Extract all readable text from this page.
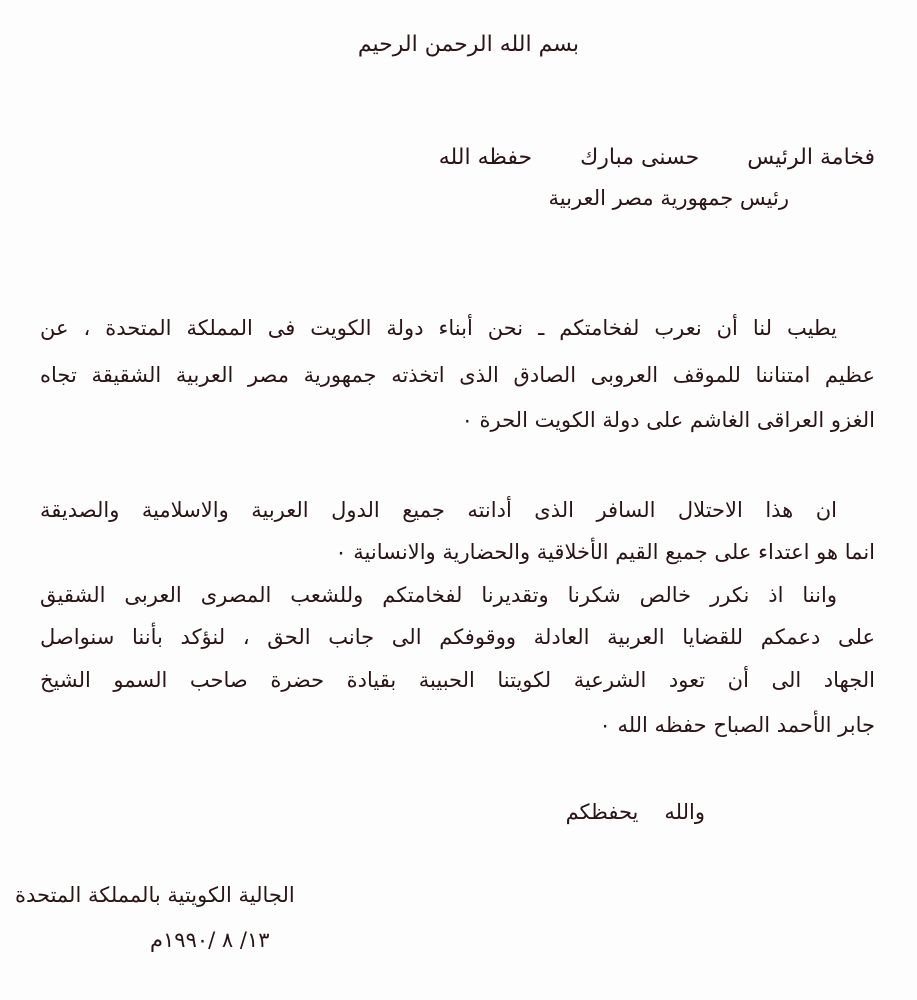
بسم الله الرحمن الرحيم
فخامة الرئيسحسنى مباركحفظه الله
رئيس جمهورية مصر العربية
يطيب لنا أن نعرب لفخامتكم ـ نحن أبناء دولة الكويت فى المملكة المتحدة ، عن
عظيم امتناننا للموقف العروبى الصادق الذى اتخذته جمهورية مصر العربية الشقيقة تجاه
الغزو العراقى الغاشم على دولة الكويت الحرة ٠
ان هذا الاحتلال السافر الذى أدانته جميع الدول العربية والاسلامية والصديقة
انما هو اعتداء على جميع القيم الأخلاقية والحضارية والانسانية ٠
واننا اذ نكرر خالص شكرنا وتقديرنا لفخامتكم وللشعب المصرى العربى الشقيق
على دعمكم للقضايا العربية العادلة ووقوفكم الى جانب الحق ، لنؤكد بأننا سنواصل
الجهاد الى أن تعود الشرعية لكويتنا الحبيبة بقيادة حضرة صاحب السمو الشيخ
جابر الأحمد الصباح حفظه الله ٠
واللهيحفظكم
الجالية الكويتية بالمملكة المتحدة
١٣/ ٨ /١٩٩٠م
